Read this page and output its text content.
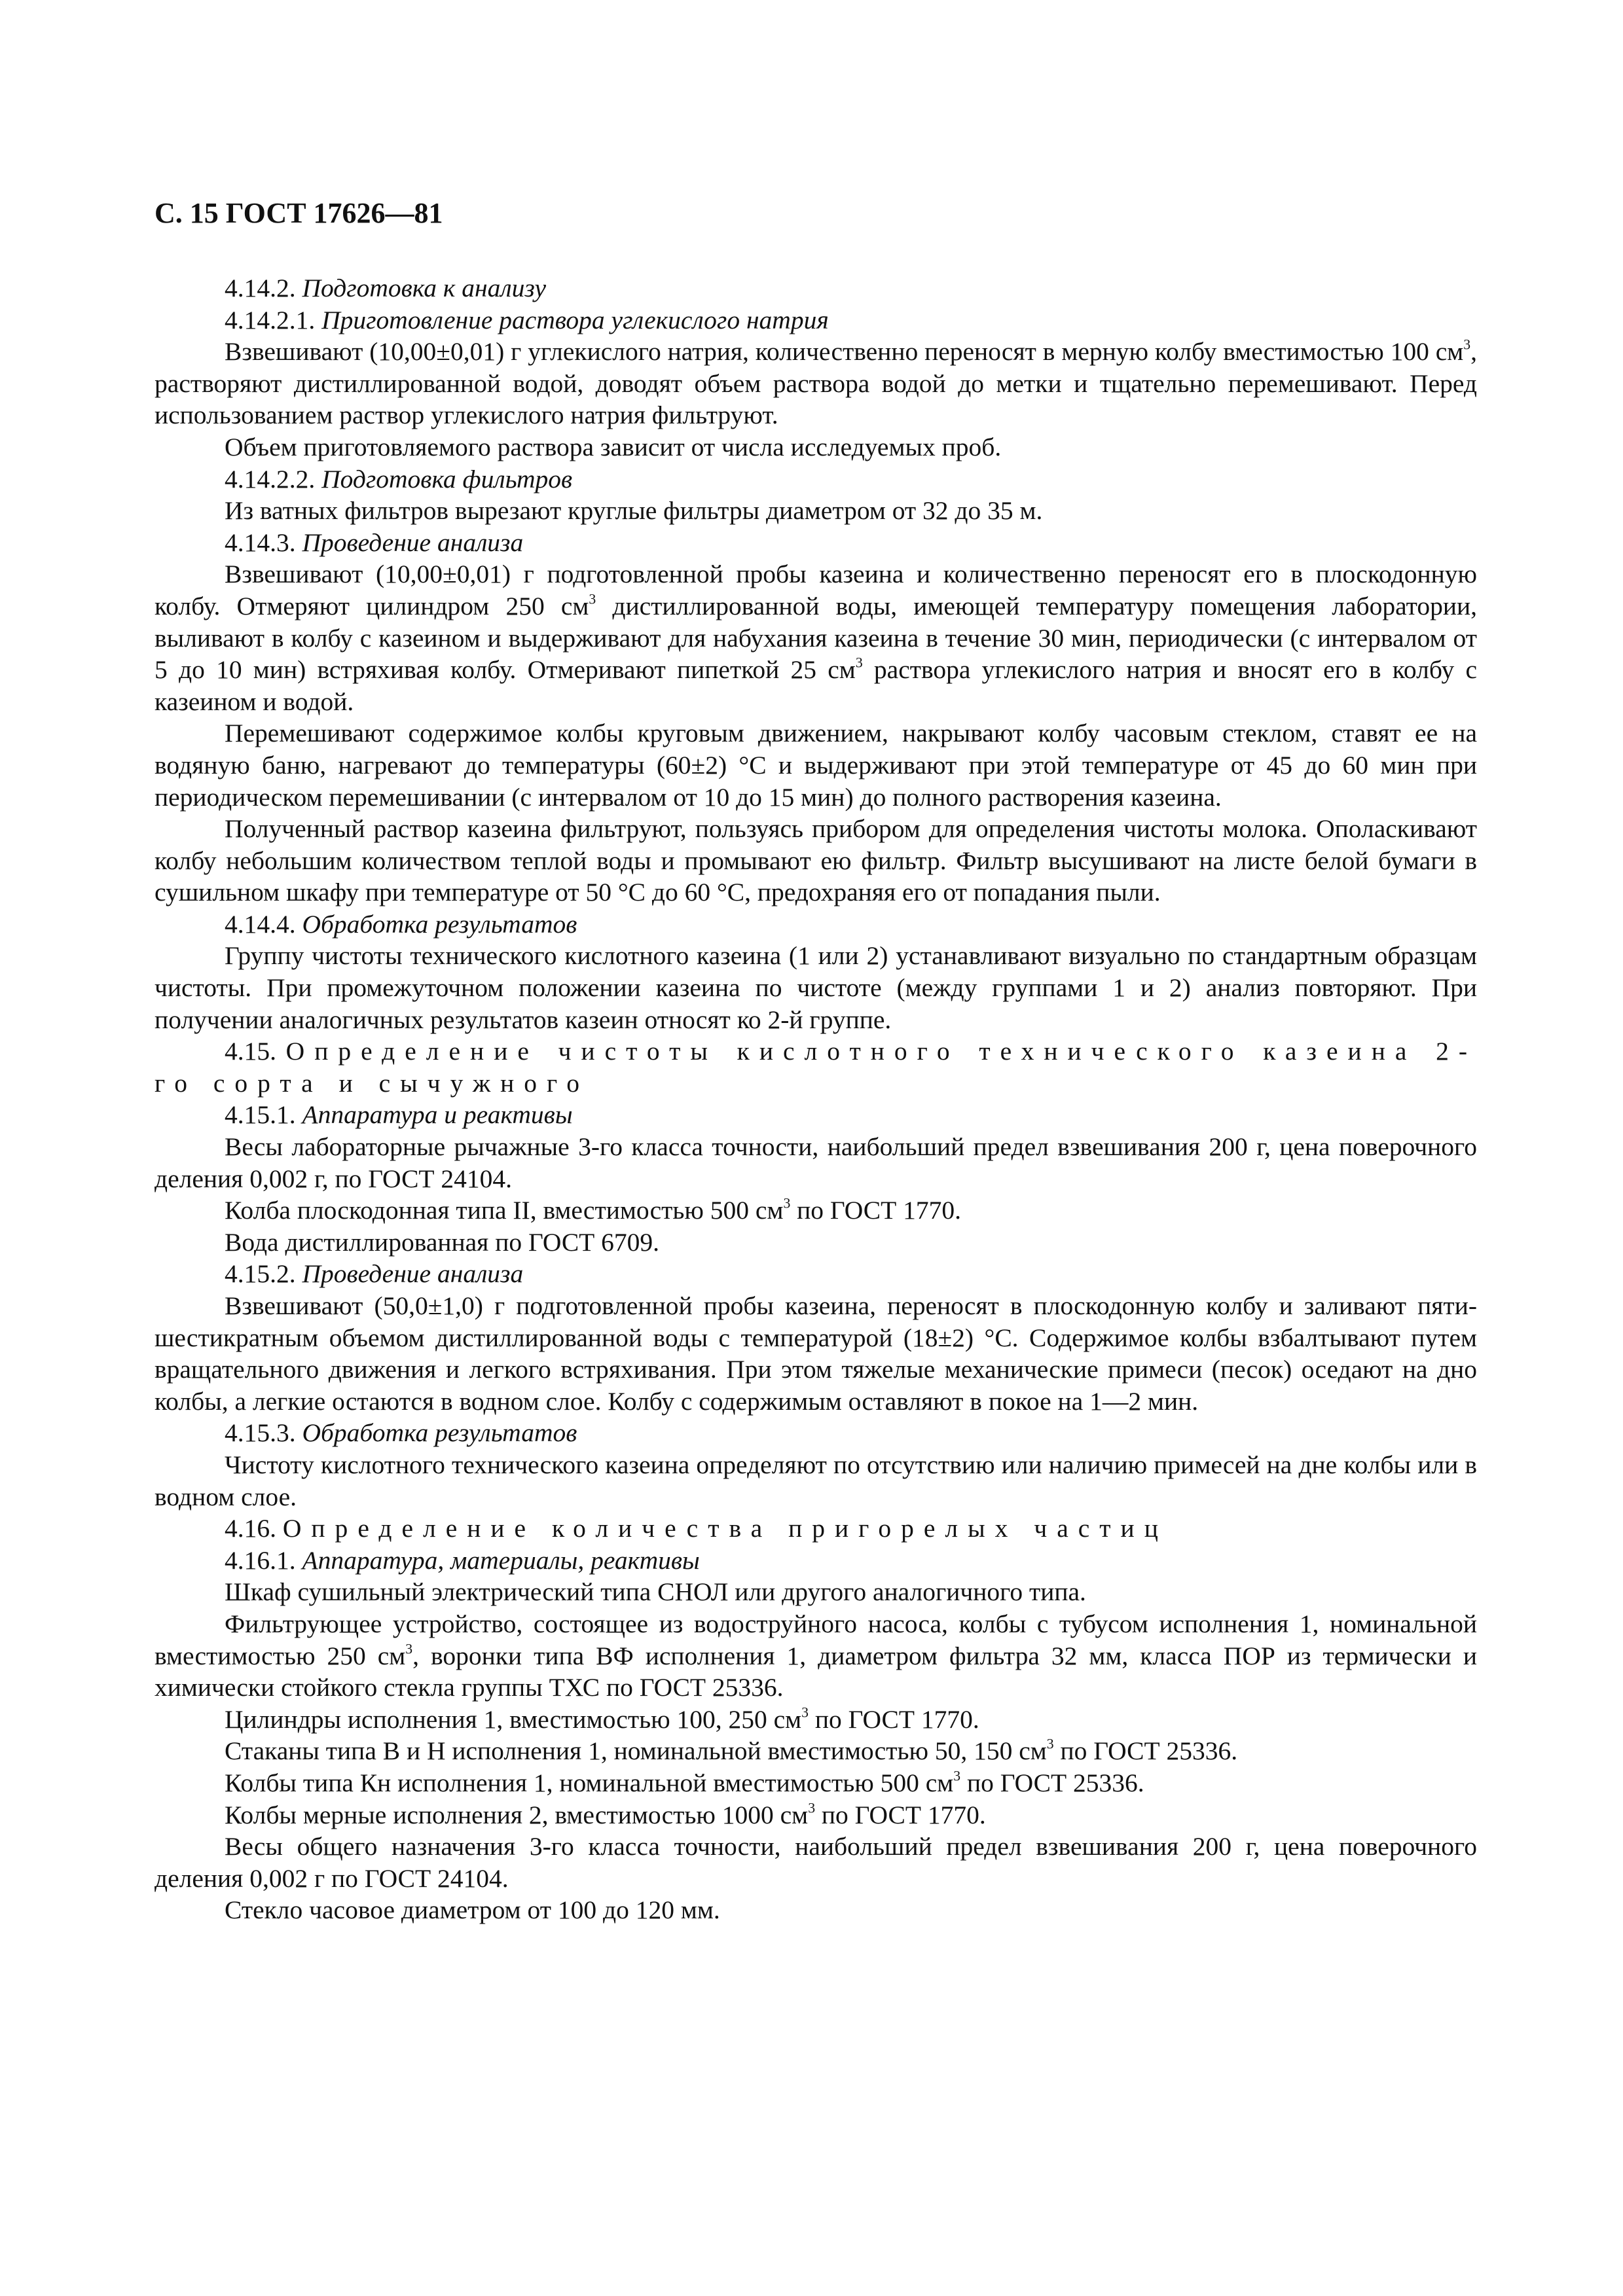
С. 15 ГОСТ 17626—81

4.14.2. Подготовка к анализу

4.14.2.1. Приготовление раствора углекислого натрия

Взвешивают (10,00±0,01) г углекислого натрия, количественно переносят в мерную колбу вместимостью 100 $см^3$, растворяют дистиллированной водой, доводят объем раствора водой до метки и тщательно перемешивают. Перед использованием раствор углекислого натрия фильтруют.

Объем приготовляемого раствора зависит от числа исследуемых проб.

4.14.2.2. Подготовка фильтров

Из ватных фильтров вырезают круглые фильтры диаметром от 32 до 35 м.

4.14.3. Проведение анализа

Взвешивают (10,00±0,01) г подготовленной пробы казеина и количественно переносят его в плоскодонную колбу. Отмеряют цилиндром 250 $см^3$ дистиллированной воды, имеющей температуру помещения лаборатории, выливают в колбу с казеином и выдерживают для набухания казеина в течение 30 мин, периодически (с интервалом от 5 до 10 мин) встряхивая колбу. Отмеривают пипеткой 25 $см^3$ раствора углекислого натрия и вносят его в колбу с казеином и водой.

Перемешивают содержимое колбы круговым движением, накрывают колбу часовым стеклом, ставят ее на водяную баню, нагревают до температуры (60±2) °С и выдерживают при этой температуре от 45 до 60 мин при периодическом перемешивании (с интервалом от 10 до 15 мин) до полного растворения казеина.

Полученный раствор казеина фильтруют, пользуясь прибором для определения чистоты молока. Ополаскивают колбу небольшим количеством теплой воды и промывают ею фильтр. Фильтр высушивают на листе белой бумаги в сушильном шкафу при температуре от 50 °С до 60 °С, предохраняя его от попадания пыли.

4.14.4. Обработка результатов

Группу чистоты технического кислотного казеина (1 или 2) устанавливают визуально по стандартным образцам чистоты. При промежуточном положении казеина по чистоте (между группами 1 и 2) анализ повторяют. При получении аналогичных результатов казеин относят ко 2-й группе.

4.15. Определение чистоты кислотного технического казеина 2-го сорта и сычужного

4.15.1. Аппаратура и реактивы

Весы лабораторные рычажные 3-го класса точности, наибольший предел взвешивания 200 г, цена поверочного деления 0,002 г, по ГОСТ 24104.

Колба плоскодонная типа II, вместимостью 500 $см^3$ по ГОСТ 1770.

Вода дистиллированная по ГОСТ 6709.

4.15.2. Проведение анализа

Взвешивают (50,0±1,0) г подготовленной пробы казеина, переносят в плоскодонную колбу и заливают пяти-шестикратным объемом дистиллированной воды с температурой (18±2) °С. Содержимое колбы взбалтывают путем вращательного движения и легкого встряхивания. При этом тяжелые механические примеси (песок) оседают на дно колбы, а легкие остаются в водном слое. Колбу с содержимым оставляют в покое на 1—2 мин.

4.15.3. Обработка результатов

Чистоту кислотного технического казеина определяют по отсутствию или наличию примесей на дне колбы или в водном слое.

4.16. Определение количества пригорелых частиц

4.16.1. Аппаратура, материалы, реактивы

Шкаф сушильный электрический типа СНОЛ или другого аналогичного типа.

Фильтрующее устройство, состоящее из водоструйного насоса, колбы с тубусом исполнения 1, номинальной вместимостью 250 $см^3$, воронки типа ВФ исполнения 1, диаметром фильтра 32 мм, класса ПОР из термически и химически стойкого стекла группы ТХС по ГОСТ 25336.

Цилиндры исполнения 1, вместимостью 100, 250 $см^3$ по ГОСТ 1770.

Стаканы типа В и Н исполнения 1, номинальной вместимостью 50, 150 $см^3$ по ГОСТ 25336.

Колбы типа Кн исполнения 1, номинальной вместимостью 500 $см^3$ по ГОСТ 25336.

Колбы мерные исполнения 2, вместимостью 1000 $см^3$ по ГОСТ 1770.

Весы общего назначения 3-го класса точности, наибольший предел взвешивания 200 г, цена поверочного деления 0,002 г по ГОСТ 24104.

Стекло часовое диаметром от 100 до 120 мм.
